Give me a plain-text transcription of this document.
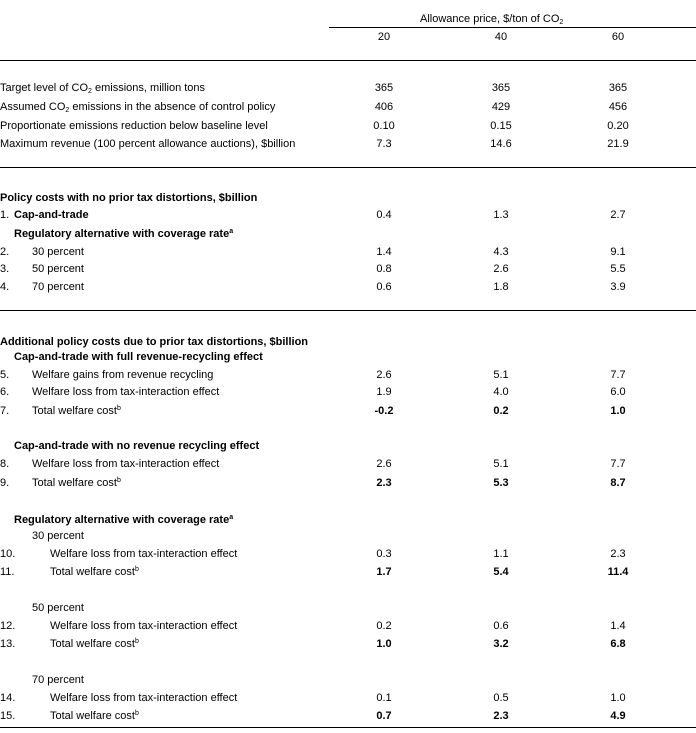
Allowance price, $/ton of $CO_2$
20	40	60
Target level of $CO_2$ emissions, million tons	365	365	365
Assumed $CO_2$ emissions in the absence of control policy	406	429	456
Proportionate emissions reduction below baseline level	0.10	0.15	0.20
Maximum revenue (100 percent allowance auctions), $billion	7.3	14.6	21.9
Policy costs with no prior tax distortions, $billion
1. Cap-and-trade	0.4	1.3	2.7
Regulatory alternative with coverage rate$^a$
2. 30 percent	1.4	4.3	9.1
3. 50 percent	0.8	2.6	5.5
4. 70 percent	0.6	1.8	3.9
Additional policy costs due to prior tax distortions, $billion
Cap-and-trade with full revenue-recycling effect
5. Welfare gains from revenue recycling	2.6	5.1	7.7
6. Welfare loss from tax-interaction effect	1.9	4.0	6.0
7. Total welfare cost$^b$	-0.2	0.2	1.0
Cap-and-trade with no revenue recycling effect
8. Welfare loss from tax-interaction effect	2.6	5.1	7.7
9. Total welfare cost$^b$	2.3	5.3	8.7
Regulatory alternative with coverage rate$^a$
30 percent
10.	Welfare loss from tax-interaction effect	0.3	1.1	2.3
11.	Total welfare cost$^b$	1.7	5.4	11.4
50 percent
12.	Welfare loss from tax-interaction effect	0.2	0.6	1.4
13.	Total welfare cost$^b$	1.0	3.2	6.8
70 percent
14.	Welfare loss from tax-interaction effect	0.1	0.5	1.0
15.	Total welfare cost$^b$	0.7	2.3	4.9
